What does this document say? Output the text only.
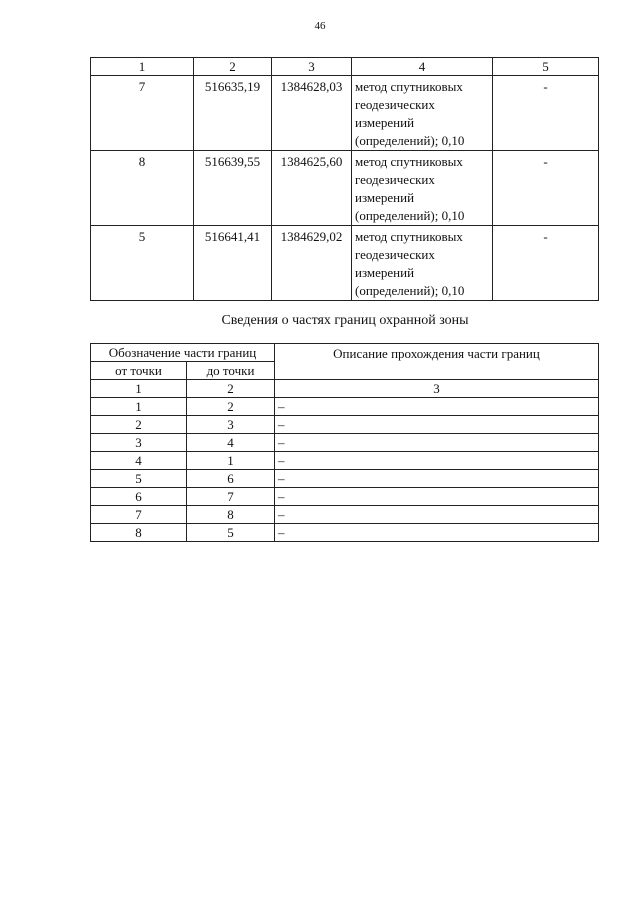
46
1	2	3	4	5
7	516635,19	1384628,03	метод спутниковых
геодезических
измерений
(определений); 0,10	-
8	516639,55	1384625,60	метод спутниковых
геодезических
измерений
(определений); 0,10	-
5	516641,41	1384629,02	метод спутниковых
геодезических
измерений
(определений); 0,10	-
Сведения о частях границ охранной зоны
Обозначение части границ		Описание прохождения части границ
от точки	до точки	
1	2	3
1	2	–
2	3	–
3	4	–
4	1	–
5	6	–
6	7	–
7	8	–
8	5	–
